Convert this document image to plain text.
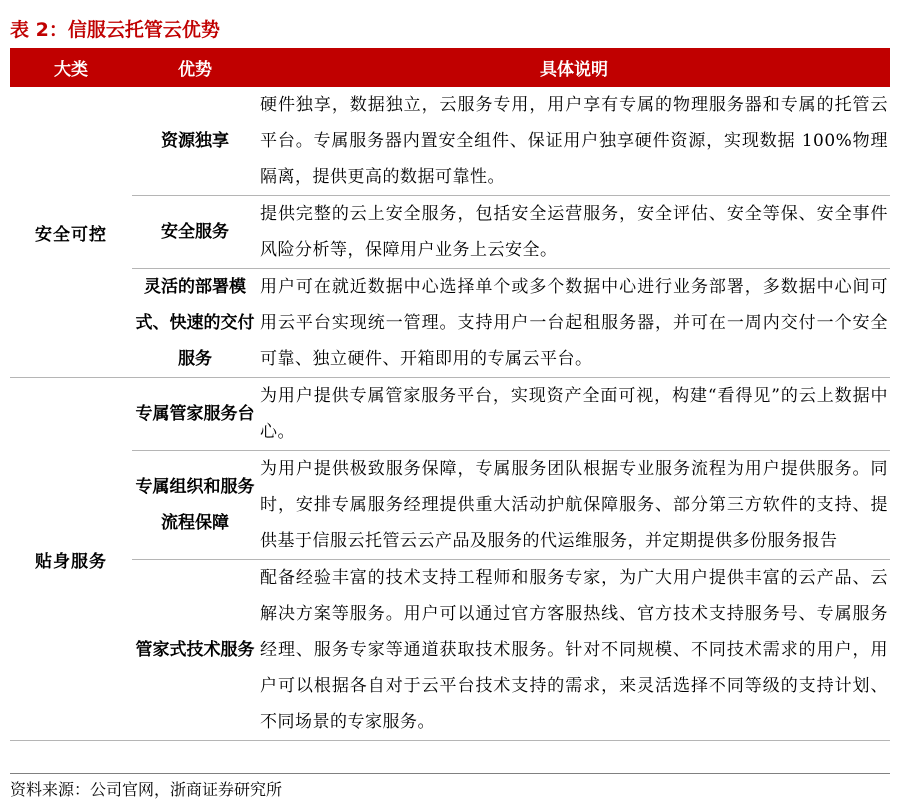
表 2：信服云托管云优势
大类	优势	具体说明
安全可控
资源独享
硬件独享，数据独立，云服务专用，用户享有专属的物理服务器和专属的托管云平台。专属服务器内置安全组件、保证用户独享硬件资源，实现数据 100%物理隔离，提供更高的数据可靠性。
安全服务
提供完整的云上安全服务，包括安全运营服务，安全评估、安全等保、安全事件风险分析等，保障用户业务上云安全。
灵活的部署模式、快速的交付服务
用户可在就近数据中心选择单个或多个数据中心进行业务部署，多数据中心间可用云平台实现统一管理。支持用户一台起租服务器，并可在一周内交付一个安全可靠、独立硬件、开箱即用的专属云平台。
贴身服务
专属管家服务台
为用户提供专属管家服务平台，实现资产全面可视，构建“看得见”的云上数据中心。
专属组织和服务流程保障
为用户提供极致服务保障，专属服务团队根据专业服务流程为用户提供服务。同时，安排专属服务经理提供重大活动护航保障服务、部分第三方软件的支持、提供基于信服云托管云云产品及服务的代运维服务，并定期提供多份服务报告
管家式技术服务
配备经验丰富的技术支持工程师和服务专家，为广大用户提供丰富的云产品、云解决方案等服务。用户可以通过官方客服热线、官方技术支持服务号、专属服务经理、服务专家等通道获取技术服务。针对不同规模、不同技术需求的用户，用户可以根据各自对于云平台技术支持的需求，来灵活选择不同等级的支持计划、不同场景的专家服务。
资料来源：公司官网，浙商证券研究所
